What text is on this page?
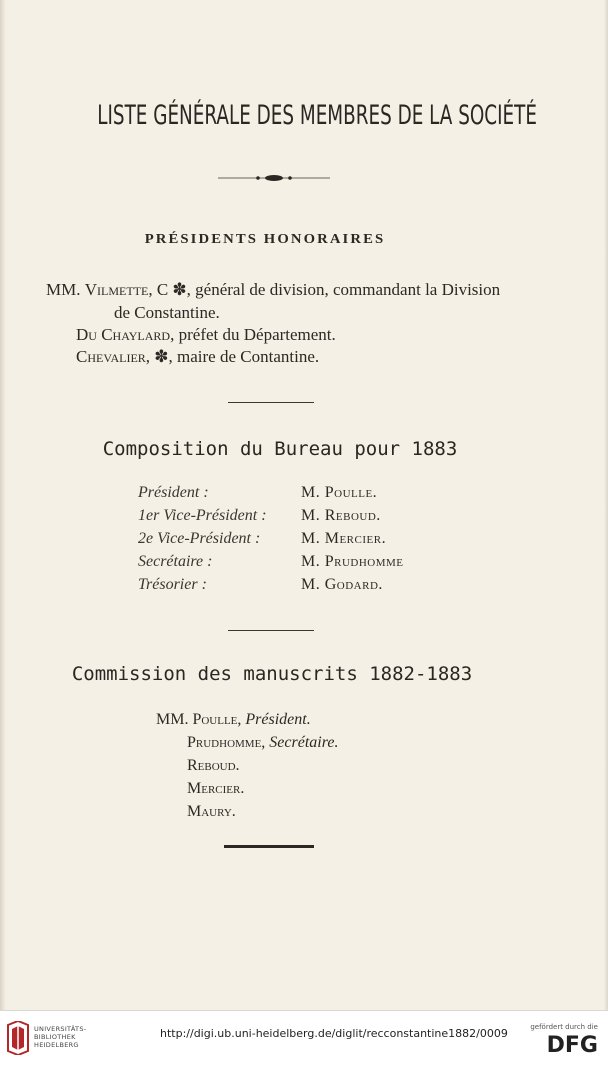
LISTE GÉNÉRALE DES MEMBRES DE LA SOCIÉTÉ
PRÉSIDENTS HONORAIRES
MM. Vilmette, C ✽, général de division, commandant la Division
de Constantine.
Du Chaylard, préfet du Département.
Chevalier, ✽, maire de Contantine.
Composition du Bureau pour 1883
Président :	M. Poulle.
1er Vice-Président : M. Reboud.
2e Vice-Président :	M. Mercier.
Secrétaire :	M. Prudhomme
Trésorier :	M. Godard.
Commission des manuscrits 1882-1883
MM. Poulle, Président.
Prudhomme, Secrétaire.
Reboud.
Mercier.
Maury.
UNIVERSITÄTS-
BIBLIOTHEK
HEIDELBERG
http://digi.ub.uni-heidelberg.de/diglit/recconstantine1882/0009	gefördert durch die
DFG
